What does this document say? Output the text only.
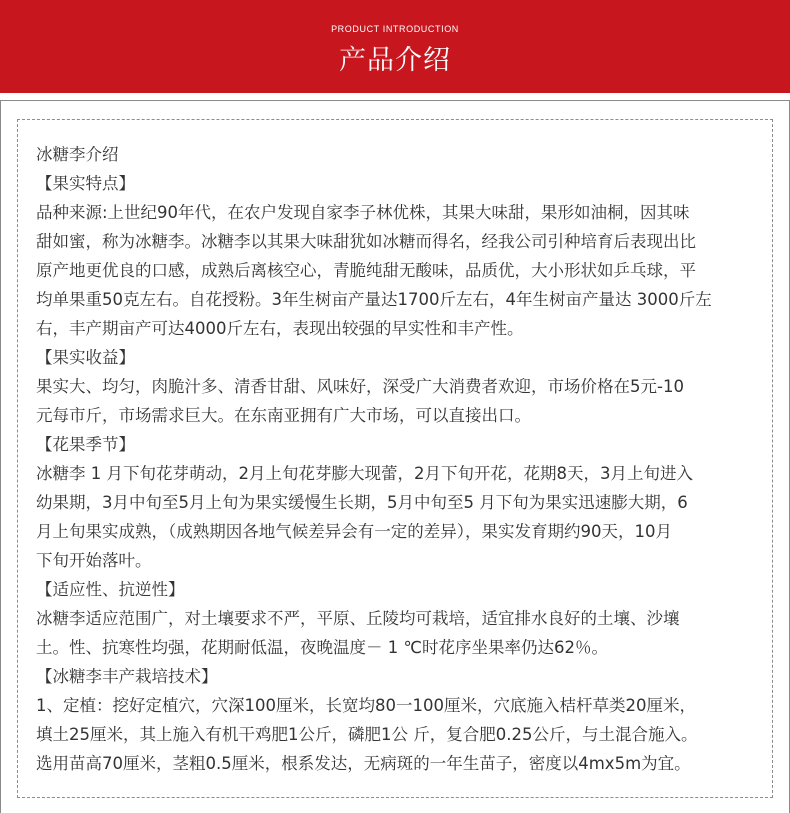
PRODUCT INTRODUCTION
产品介绍
冰糖李介绍
【果实特点】
品种来源:上世纪90年代，在农户发现自家李子林优株，其果大味甜，果形如油桐，因其味
甜如蜜，称为冰糖李。冰糖李以其果大味甜犹如冰糖而得名，经我公司引种培育后表现出比
原产地更优良的口感，成熟后离核空心，青脆纯甜无酸味，品质优，大小形状如乒乓球，平
均单果重50克左右。自花授粉。3年生树亩产量达1700斤左右，4年生树亩产量达 3000斤左
右，丰产期亩产可达4000斤左右，表现出较强的早实性和丰产性。
【果实收益】
果实大、均匀，肉脆汁多、清香甘甜、风味好，深受广大消费者欢迎，市场价格在5元-10
元每市斤，市场需求巨大。在东南亚拥有广大市场，可以直接出口。
【花果季节】
冰糖李 1 月下旬花芽萌动，2月上旬花芽膨大现蕾，2月下旬开花，花期8天，3月上旬进入
幼果期，3月中旬至5月上旬为果实缓慢生长期，5月中旬至5 月下旬为果实迅速膨大期，6
月上旬果实成熟，（成熟期因各地气候差异会有一定的差异），果实发育期约90天，10月
下旬开始落叶。
【适应性、抗逆性】
冰糖李适应范围广，对土壤要求不严，平原、丘陵均可栽培，适宜排水良好的土壤、沙壤
土。性、抗寒性均强，花期耐低温，夜晚温度－ 1 ℃时花序坐果率仍达62％。
【冰糖李丰产栽培技术】
1、定植：挖好定植穴，穴深100厘米，长宽均80一100厘米，穴底施入桔杆草类20厘米，
填土25厘米，其上施入有机干鸡肥1公斤，磷肥1公 斤，复合肥0.25公斤，与土混合施入。
选用苗高70厘米，茎粗0.5厘米，根系发达，无病斑的一年生苗子，密度以4mx5m为宜。
